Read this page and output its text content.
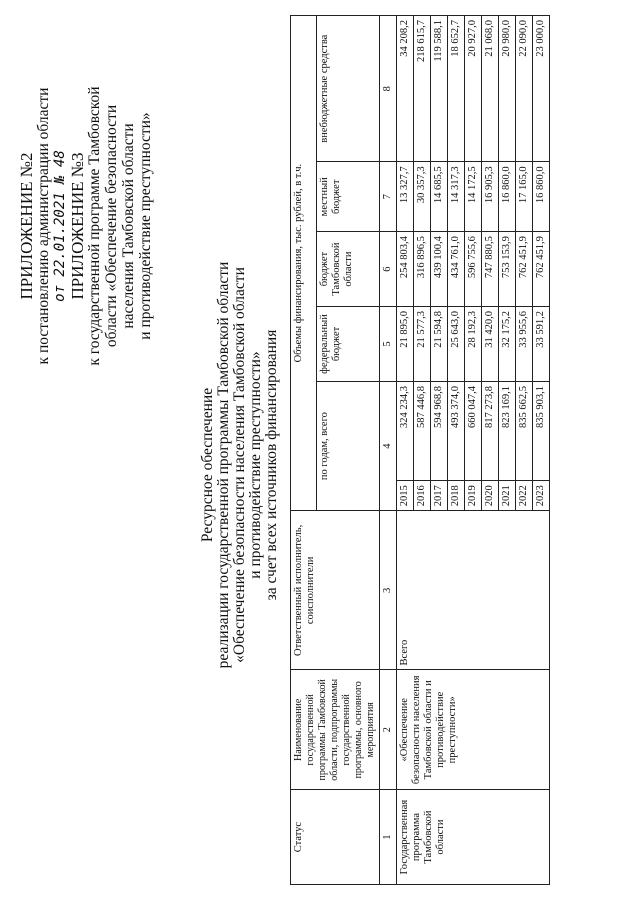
ПРИЛОЖЕНИЕ №2 к постановлению администрации области от 22.01.2021 № 48 ПРИЛОЖЕНИЕ №3 к государственной программе Тамбовской области «Обеспечение безопасности населения Тамбовской области и противодействие преступности»
Ресурсное обеспечение реализации государственной программы Тамбовской области «Обеспечение безопасности населения Тамбовской области и противодействие преступности» за счет всех источников финансирования
Статус	Наименование государственной программы Тамбовской области, подпрограммы государственной программы, основного мероприятия	Ответственный исполнитель, соисполнители	Объемы финансирования, тыс. рублей, в т.ч.					
			по годам, всего		федеральный бюджет	бюджет Тамбовской области	местный бюджет	внебюджетные средства
1	2	3	4		5	6	7	8
Государственная программа Тамбовской области	«Обеспечение безопасности населения Тамбовской области и противодействие преступности»	Всего	2015	324 234,3	21 895,0	254 803,4	13 327,7	34 208,2
			2016	587 446,8	21 577,3	316 896,5	30 357,3	218 615,7
			2017	594 968,8	21 594,8	439 100,4	14 685,5	119 588,1
			2018	493 374,0	25 643,0	434 761,0	14 317,3	18 652,7
			2019	660 047,4	28 192,3	596 755,6	14 172,5	20 927,0
			2020	817 273,8	31 420,0	747 880,5	16 905,3	21 068,0
			2021	823 169,1	32 175,2	753 153,9	16 860,0	20 980,0
			2022	835 662,5	33 955,6	762 451,9	17 165,0	22 090,0
			2023	835 903,1	33 591,2	762 451,9	16 860,0	23 000,0
